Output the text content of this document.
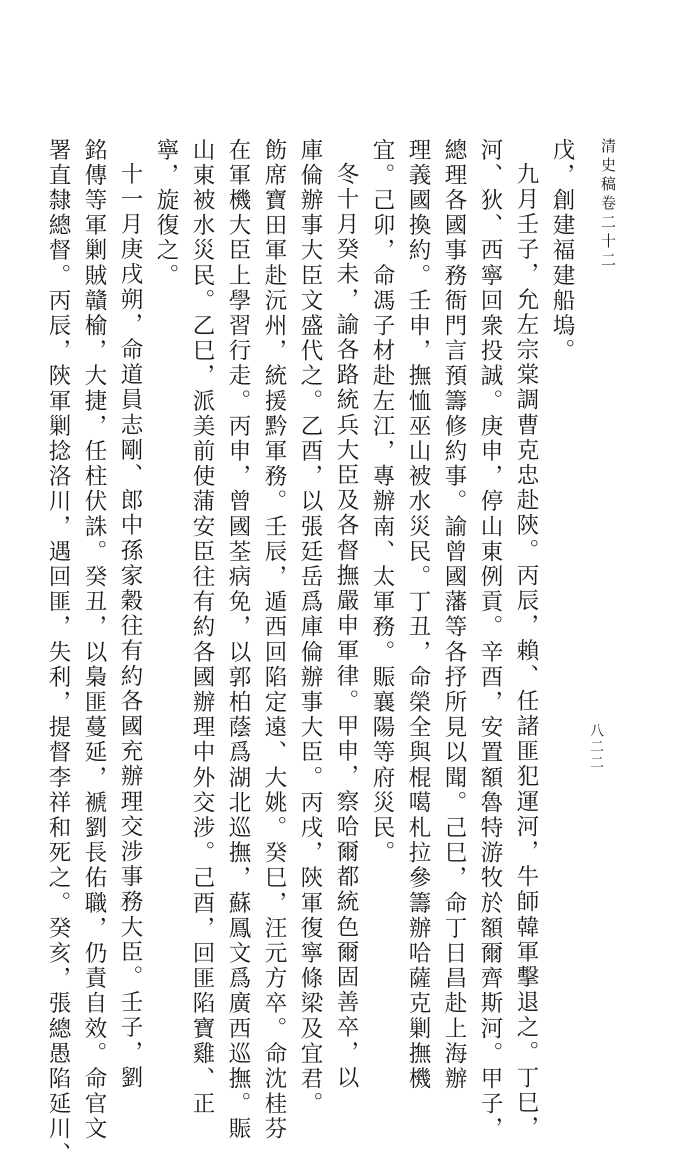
清史稿卷二十二
戊，創建福建船塢。
九月壬子，允左宗棠調曹克忠赴陝。丙辰，賴、任諸匪犯運河，牛師韓軍擊退之。丁巳，
河、狄、西寧回衆投誠。庚申，停山東例貢。辛酉，安置額魯特游牧於額爾齊斯河。甲子，
總理各國事務衙門言預籌修約事。諭曾國藩等各抒所見以聞。己巳，命丁日昌赴上海辦
理義國換約。壬申，撫恤巫山被水災民。丁丑，命榮全與棍噶札拉參籌辦哈薩克剿撫機
宜。己卯，命馮子材赴左江，專辦南、太軍務。賑襄陽等府災民。
冬十月癸未，諭各路統兵大臣及各督撫嚴申軍律。甲申，察哈爾都統色爾固善卒，以
庫倫辦事大臣文盛代之。乙酉，以張廷岳爲庫倫辦事大臣。丙戌，陝軍復寧條梁及宜君。
飭席寶田軍赴沅州，統援黔軍務。壬辰，遁西回陷定遠、大姚。癸巳，汪元方卒。命沈桂芬
在軍機大臣上學習行走。丙申，曾國荃病免，以郭柏蔭爲湖北巡撫，蘇鳳文爲廣西巡撫。賑
山東被水災民。乙巳，派美前使蒲安臣往有約各國辦理中外交涉。己酉，回匪陷寶雞、正
寧，旋復之。
十一月庚戌朔，命道員志剛、郎中孫家穀往有約各國充辦理交涉事務大臣。壬子，劉
銘傳等軍剿賊贛榆，大捷，任柱伏誅。癸丑，以梟匪蔓延，褫劉長佑職，仍責自效。命官文
署直隸總督。丙辰，陝軍剿捻洛川，遇回匪，失利，提督李祥和死之。癸亥，張總愚陷延川、	八二二
